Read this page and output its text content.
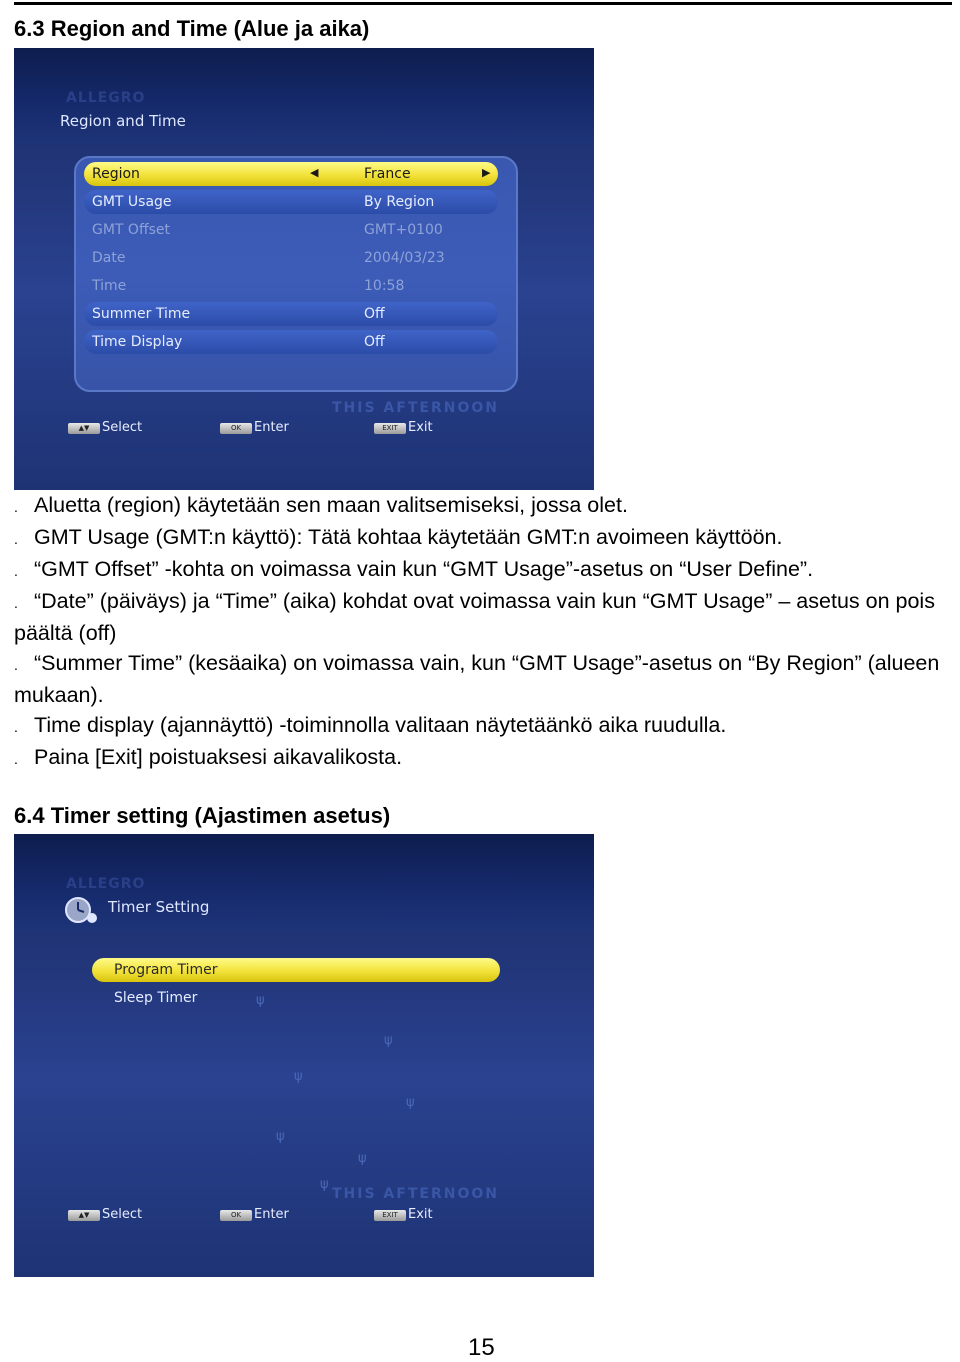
6.3 Region and Time (Alue ja aika)
ALLEGRO
Region and Time
Region	◀	France	▶
GMT Usage	By Region
GMT Offset	GMT+0100
Date	2004/03/23
Time	10:58
Summer Time	Off
Time Display	Off
THIS AFTERNOON
▲▼ Select	OK Enter	EXIT Exit
. Aluetta (region) käytetään sen maan valitsemiseksi, jossa olet.
. GMT Usage (GMT:n käyttö): Tätä kohtaa käytetään GMT:n avoimeen käyttöön.
. “GMT Offset” -kohta on voimassa vain kun “GMT Usage”-asetus on “User Define”.
. “Date” (päiväys) ja “Time” (aika) kohdat ovat voimassa vain kun “GMT Usage” – asetus on pois päältä (off)
. “Summer Time” (kesäaika) on voimassa vain, kun “GMT Usage”-asetus on “By Region” (alueen mukaan).
. Time display (ajannäyttö) -toiminnolla valitaan näytetäänkö aika ruudulla.
. Paina [Exit] poistuaksesi aikavalikosta.
6.4 Timer setting (Ajastimen asetus)
ALLEGRO
Timer Setting
Program Timer
Sleep Timer	ψ
ψ
ψ
ψ
ψ
ψ
ψ
THIS AFTERNOON
▲▼ Select	OK Enter	EXIT Exit
15
